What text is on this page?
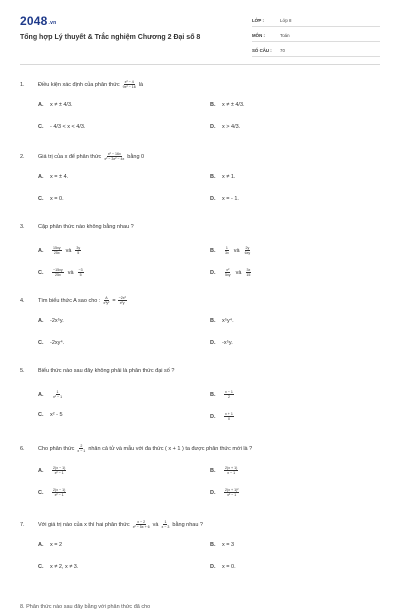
2048.vn
Tổng hợp Lý thuyết & Trắc nghiệm Chương 2 Đại số 8
LỚP :	Lớp 8
MÔN :	Toán
SỐ CÂU :	70
1.	Điều kiện xác định của phân thức $\frac{\text{x² − 4}}{\text{9x² − 16}}$ là
A.	x ≠ ± 4/3.	B.	x ≠ ± 4/3.
C.	- 4/3 < x < 4/3.	D.	x > 4/3.
2.	Giá trị của x để phân thức $\frac{\text{x² − 16x}}{\text{x² − 3x² − 4x}}$ bằng 0
A.	x = ± 4.	B.	x ≠ 1.
C.	x = 0.	D.	x = - 1.
3.	Cặp phân thức nào không bằng nhau ?
A.	$\frac{15xy}{25x}$ và $\frac{3y}{5}$	B.	$\frac{1}{3x}$ và $\frac{2y}{6xy}$
C.	$\frac{-15xy}{25x}$ và $\frac{-3}{5}$	D.	$\frac{\text{x²}}{5xy}$ và $\frac{3x}{15}$
4.	Tìm biểu thức A sao cho : $\frac{A}{\text{x³y²}} = \frac{\text{−2x³}}{\text{x²y}}$
A.	-2x⁵y.	B.	x⁵y⁴.
C.	-2xy⁴.	D.	-x⁵y.
5.	Biểu thức nào sau đây không phải là phân thức đại số ?
A.	$\frac{1}{\text{x² − 1}}$	B.	$\frac{x - 1}{2}$
C.	x² - 5	D.	$\frac{x + 1}{0}$
6.	Cho phân thức $\frac{2}{x - 1}$ nhân cả tử và mẫu với đa thức ( x + 1 ) ta được phân thức mới là ?
A.	$\frac{2(x - 1)}{\text{x² − 1}}$	B.	$\frac{2(x + 1)}{x - 1}$
C.	$\frac{2(x - 1)}{\text{x² − 1}}$	D.	$\frac{\text{2(x + 1)²}}{\text{x² − 1}}$
7.	Với giá trị nào của x thì hai phân thức $\frac{x - 2}{\text{x² − 5x + 6}}$ và $\frac{1}{x - 3}$ bằng nhau ?
A.	x = 2	B.	x = 3
C.	x ≠ 2, x ≠ 3.	D.	x = 0.
8. Phân thức nào sau đây bằng với phân thức đã cho
